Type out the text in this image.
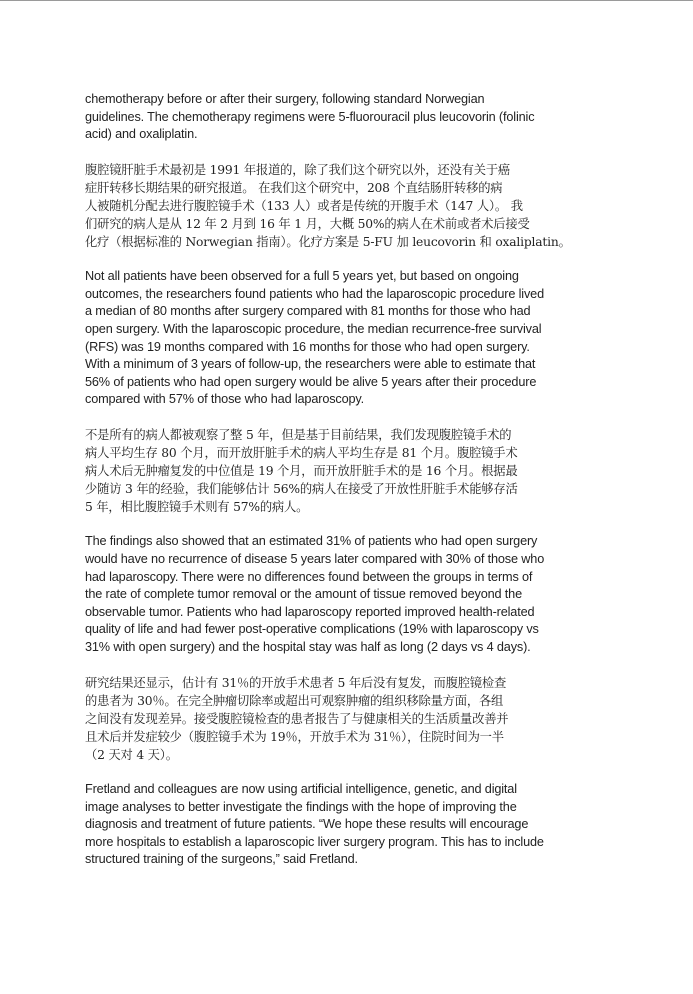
chemotherapy before or after their surgery, following standard Norwegian
guidelines. The chemotherapy regimens were 5-fluorouracil plus leucovorin (folinic
acid) and oxaliplatin.

腹腔镜肝脏手术最初是 1991 年报道的，除了我们这个研究以外，还没有关于癌
症肝转移长期结果的研究报道。 在我们这个研究中，208 个直结肠肝转移的病
人被随机分配去进行腹腔镜手术（133 人）或者是传统的开腹手术（147 人）。 我
们研究的病人是从 12 年 2 月到 16 年 1 月，大概 50%的病人在术前或者术后接受
化疗（根据标准的 Norwegian 指南）。化疗方案是 5-FU 加 leucovorin 和 oxaliplatin。

Not all patients have been observed for a full 5 years yet, but based on ongoing
outcomes, the researchers found patients who had the laparoscopic procedure lived
a median of 80 months after surgery compared with 81 months for those who had
open surgery. With the laparoscopic procedure, the median recurrence-free survival
(RFS) was 19 months compared with 16 months for those who had open surgery.
With a minimum of 3 years of follow-up, the researchers were able to estimate that
56% of patients who had open surgery would be alive 5 years after their procedure
compared with 57% of those who had laparoscopy.

不是所有的病人都被观察了整 5 年，但是基于目前结果，我们发现腹腔镜手术的
病人平均生存 80 个月，而开放肝脏手术的病人平均生存是 81 个月。腹腔镜手术
病人术后无肿瘤复发的中位值是 19 个月，而开放肝脏手术的是 16 个月。根据最
少随访 3 年的经验，我们能够估计 56%的病人在接受了开放性肝脏手术能够存活
5 年，相比腹腔镜手术则有 57%的病人。

The findings also showed that an estimated 31% of patients who had open surgery
would have no recurrence of disease 5 years later compared with 30% of those who
had laparoscopy. There were no differences found between the groups in terms of
the rate of complete tumor removal or the amount of tissue removed beyond the
observable tumor. Patients who had laparoscopy reported improved health-related
quality of life and had fewer post-operative complications (19% with laparoscopy vs
31% with open surgery) and the hospital stay was half as long (2 days vs 4 days).

研究结果还显示，估计有 31％的开放手术患者 5 年后没有复发，而腹腔镜检查
的患者为 30％。在完全肿瘤切除率或超出可观察肿瘤的组织移除量方面，各组
之间没有发现差异。接受腹腔镜检查的患者报告了与健康相关的生活质量改善并
且术后并发症较少（腹腔镜手术为 19％，开放手术为 31％），住院时间为一半
（2 天对 4 天）。

Fretland and colleagues are now using artificial intelligence, genetic, and digital
image analyses to better investigate the findings with the hope of improving the
diagnosis and treatment of future patients. “We hope these results will encourage
more hospitals to establish a laparoscopic liver surgery program. This has to include
structured training of the surgeons,” said Fretland.
